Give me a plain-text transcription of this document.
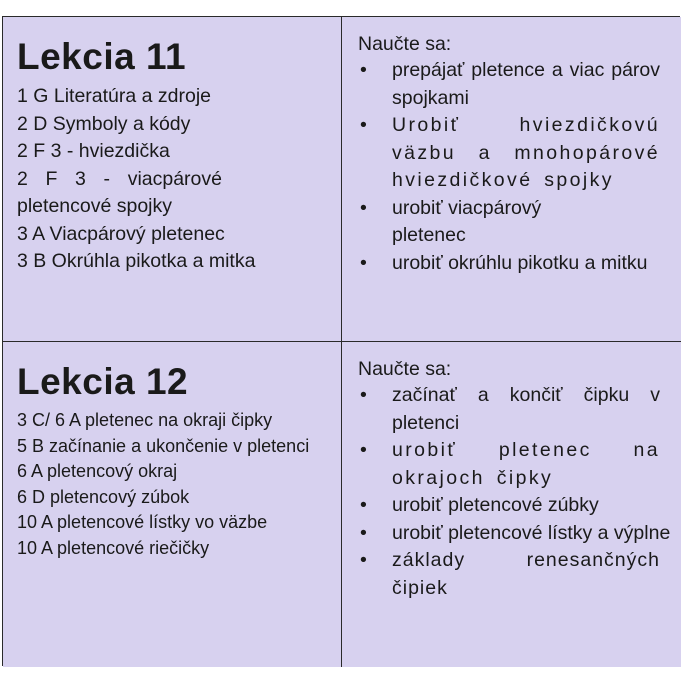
Lekcia 11
1 G Literatúra a zdroje
2 D Symboly a kódy
2 F 3 - hviezdička
2 F 3 - viacpárové pletencové spojky
3 A Viacpárový pletenec
3 B Okrúhla pikotka a mitka
Naučte sa:
• prepájať pletence a viac párov spojkami
• Urobiť hviezdičkovú väzbu a mnohopárové hviezdičkové spojky
• urobiť viacpárový pletenec
• urobiť okrúhlu pikotku a mitku
Lekcia 12
3 C/ 6 A pletenec na okraji čipky
5 B začínanie a ukončenie v pletenci
6 A pletencový okraj
6 D pletencový zúbok
10 A pletencové lístky vo väzbe
10 A pletencové riečičky
Naučte sa:
• začínať a končiť čipku v pletenci
• urobiť pletenec na okrajoch čipky
• urobiť pletencové zúbky
• urobiť pletencové lístky a výplne
• základy renesančných čipiek
